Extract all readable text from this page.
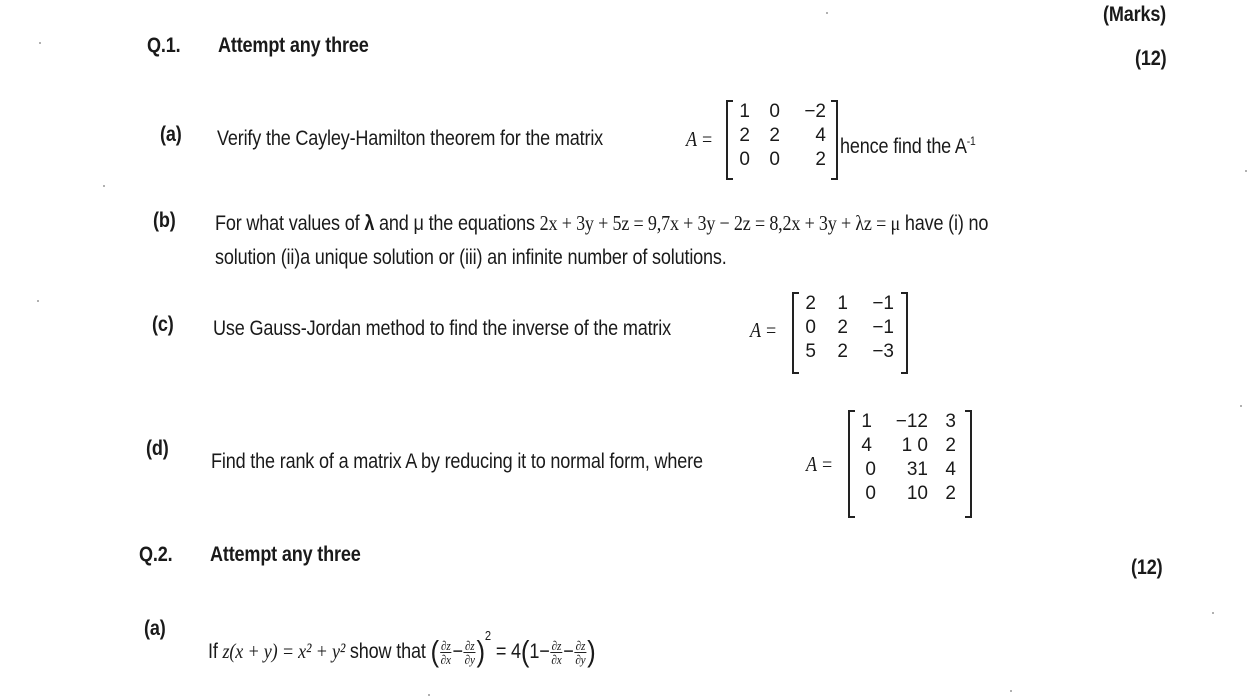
(Marks)
Q.1. Attempt any three
(12)
(a) Verify the Cayley-Hamilton theorem for the matrix	A =
1 0	−2
2 2	4
0 0	2
hence find the $A^{-1}$
(b) For what values of λ and μ the equations 2x + 3y + 5z = 9,7x + 3y − 2z = 8,2x + 3y + λz = μ have (i) no
solution (ii)a unique solution or (iii) an infinite number of solutions.
(c) Use Gauss-Jordan method to find the inverse of the matrix	A =
2 1	−1
0 2	−1
5 2	−3
(d)
Find the rank of a matrix A by reducing it to normal form, where	A =
1	−12 3
4	1 0 2
0	31 4
0	10 2
Q.2. Attempt any three
(12)
(a)
If z(x + y) = x² + y² show that ( $\frac{\partial z}{\partial x} - \frac{\partial z}{\partial y} )^2 = 4(1- \frac{\partial z}{\partial x} - \frac{\partial z}{\partial y}$ )
